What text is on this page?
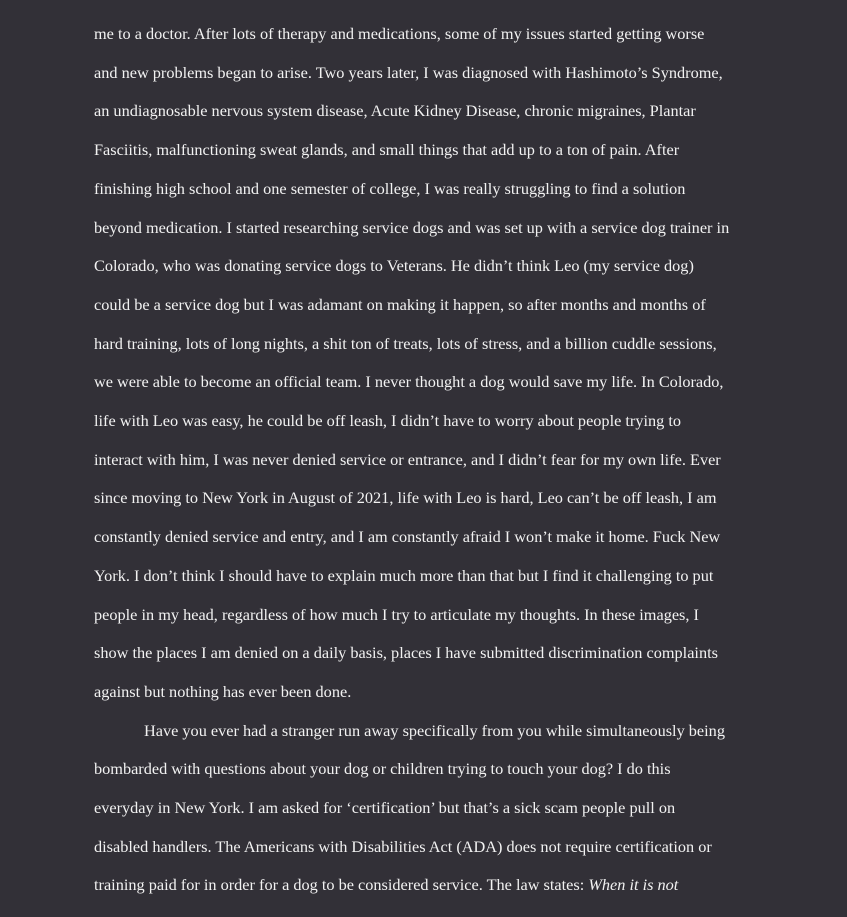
me to a doctor. After lots of therapy and medications, some of my issues started getting worse
and new problems began to arise. Two years later, I was diagnosed with Hashimoto’s Syndrome,
an undiagnosable nervous system disease, Acute Kidney Disease, chronic migraines, Plantar
Fasciitis, malfunctioning sweat glands, and small things that add up to a ton of pain. After
finishing high school and one semester of college, I was really struggling to find a solution
beyond medication. I started researching service dogs and was set up with a service dog trainer in
Colorado, who was donating service dogs to Veterans. He didn’t think Leo (my service dog)
could be a service dog but I was adamant on making it happen, so after months and months of
hard training, lots of long nights, a shit ton of treats, lots of stress, and a billion cuddle sessions,
we were able to become an official team. I never thought a dog would save my life. In Colorado,
life with Leo was easy, he could be off leash, I didn’t have to worry about people trying to
interact with him, I was never denied service or entrance, and I didn’t fear for my own life. Ever
since moving to New York in August of 2021, life with Leo is hard, Leo can’t be off leash, I am
constantly denied service and entry, and I am constantly afraid I won’t make it home. Fuck New
York. I don’t think I should have to explain much more than that but I find it challenging to put
people in my head, regardless of how much I try to articulate my thoughts. In these images, I
show the places I am denied on a daily basis, places I have submitted discrimination complaints
against but nothing has ever been done.
Have you ever had a stranger run away specifically from you while simultaneously being
bombarded with questions about your dog or children trying to touch your dog? I do this
everyday in New York. I am asked for ‘certification’ but that’s a sick scam people pull on
disabled handlers. The Americans with Disabilities Act (ADA) does not require certification or
training paid for in order for a dog to be considered service. The law states: When it is not
